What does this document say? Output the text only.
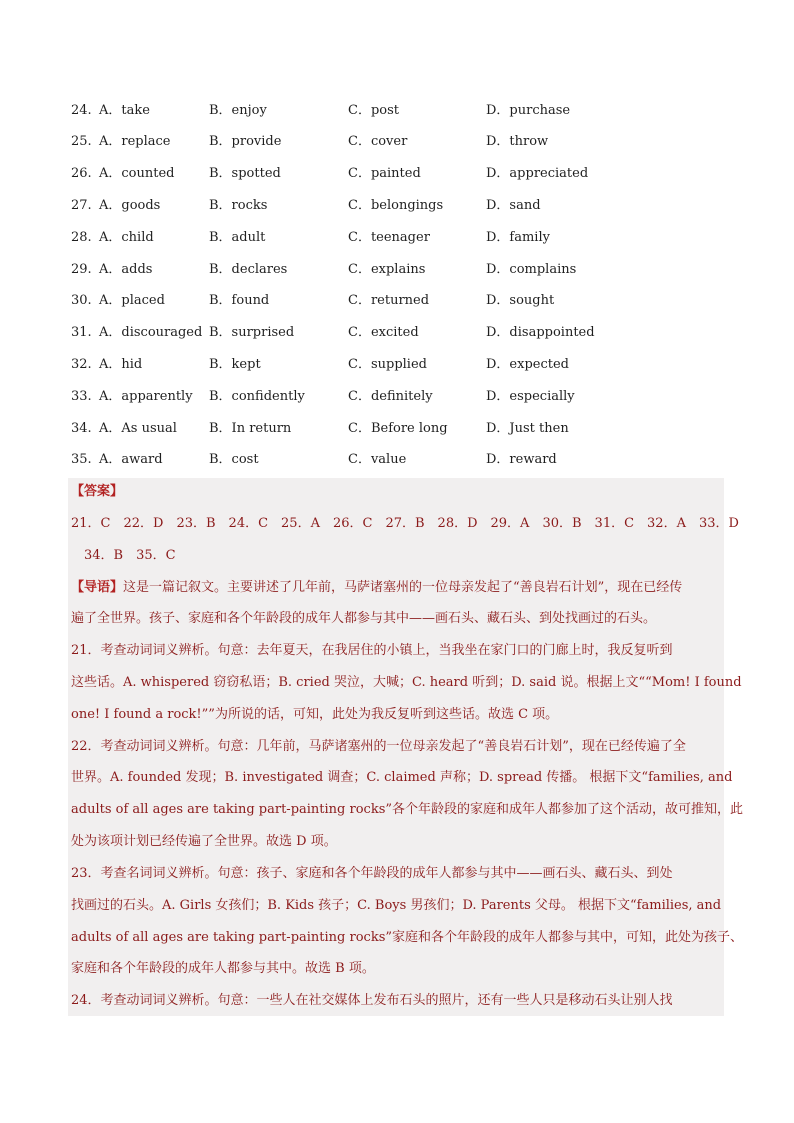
24. A．take	B．enjoy	C．post	D．purchase
25. A．replace	B．provide	C．cover	D．throw
26. A．counted	B．spotted	C．painted	D．appreciated
27. A．goods	B．rocks	C．belongings	D．sand
28. A．child	B．adult	C．teenager	D．family
29. A．adds	B．declares	C．explains	D．complains
30. A．placed	B．found	C．returned	D．sought
31. A．discouraged B．surprised	C．excited	D．disappointed
32. A．hid	B．kept	C．supplied	D．expected
33. A．apparently B．confidently	C．definitely	D．especially
34. A．As usual B．In return	C．Before long	D．Just then
35. A．award	B．cost	C．value	D．reward
【答案】
21．C　22．D　23．B　24．C　25．A　26．C　27．B　28．D　29．A　30．B　31．C　32．A　33．D
34．B　35．C
【导语】这是一篇记叙文。主要讲述了几年前，马萨诸塞州的一位母亲发起了“善良岩石计划”，现在已经传
遍了全世界。孩子、家庭和各个年龄段的成年人都参与其中——画石头、藏石头、到处找画过的石头。
21．考查动词词义辨析。句意：去年夏天，在我居住的小镇上，当我坐在家门口的门廊上时，我反复听到
这些话。A. whispered 窃窃私语；B. cried 哭泣，大喊；C. heard 听到；D. said 说。根据上文““Mom! I found
one! I found a rock!””为所说的话，可知，此处为我反复听到这些话。故选 C 项。
22．考查动词词义辨析。句意：几年前，马萨诸塞州的一位母亲发起了“善良岩石计划”，现在已经传遍了全
世界。A. founded 发现；B. investigated 调查；C. claimed 声称；D. spread 传播。 根据下文“families, and
adults of all ages are taking part-painting rocks”各个年龄段的家庭和成年人都参加了这个活动，故可推知，此
处为该项计划已经传遍了全世界。故选 D 项。
23．考查名词词义辨析。句意：孩子、家庭和各个年龄段的成年人都参与其中——画石头、藏石头、到处
找画过的石头。A. Girls 女孩们；B. Kids 孩子；C. Boys 男孩们；D. Parents 父母。 根据下文“families, and
adults of all ages are taking part-painting rocks”家庭和各个年龄段的成年人都参与其中，可知，此处为孩子、
家庭和各个年龄段的成年人都参与其中。故选 B 项。
24．考查动词词义辨析。句意：一些人在社交媒体上发布石头的照片，还有一些人只是移动石头让别人找
